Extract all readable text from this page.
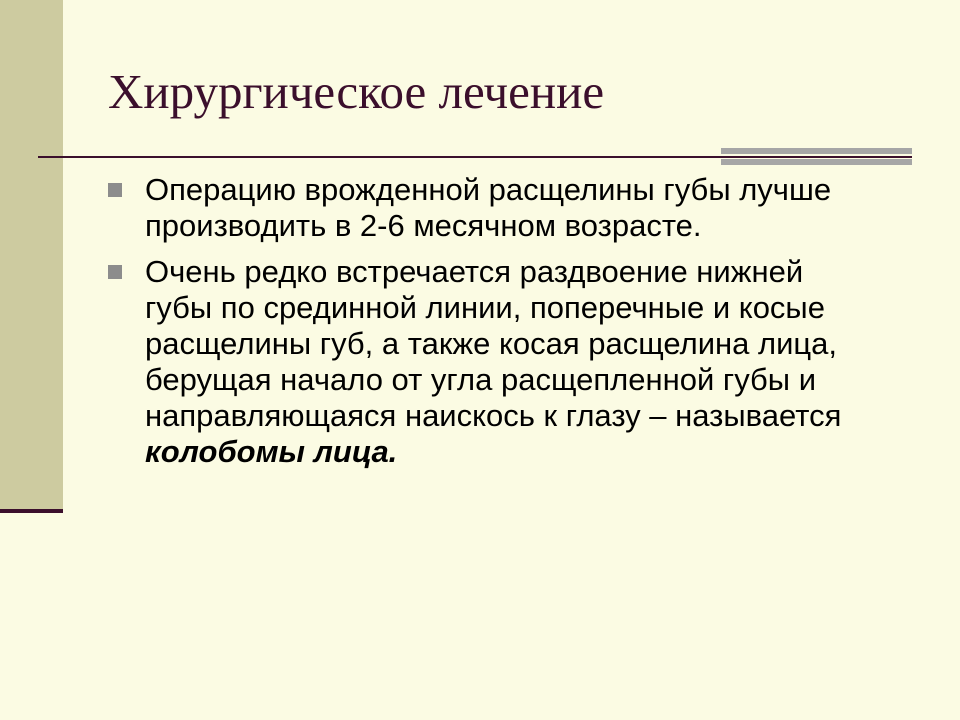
Хирургическое лечение
Операцию врожденной расщелины губы лучше производить в 2-6 месячном возрасте.
Очень редко встречается раздвоение нижней губы по срединной линии, поперечные и косые расщелины губ, а также косая расщелина лица, берущая начало от угла расщепленной губы и направляющаяся наискось к глазу – называется колобомы лица.
